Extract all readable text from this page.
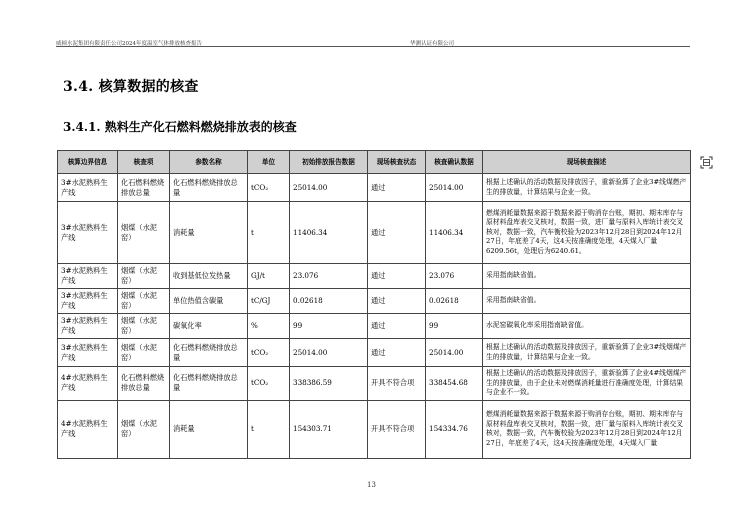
威顿水泥集团有限责任公司2024年度温室气体排放核查报告	华测认证有限公司
3.4. 核算数据的核查
3.4.1. 熟料生产化石燃料燃烧排放表的核查
核算边界信息	核查项	参数名称	单位	初始排放报告数据	现场核查状态	核查确认数据	现场核查描述
3#水泥熟料生产线	化石燃料燃烧排放总量	化石燃料燃烧排放总量	tCO₂	25014.00	通过	25014.00	根据上述确认的活动数据及排放因子，重新验算了企业3#线煤燃产生的排放量，计算结果与企业一致。
3#水泥熟料生产线	烟煤（水泥窑）	消耗量	t	11406.34	通过	11406.34	燃煤消耗量数据来源于数据来源于购消存台账，期初、期末库存与原材料盘库表交叉核对，数据一致，进厂量与原料入库统计表交叉核对，数据一致，汽车衡校验为2023年12月28日到2024年12月27日，年底差了4天，这4天按准确度处理，4天煤入厂量6209.56t，处理后为6240.61。
3#水泥熟料生产线	烟煤（水泥窑）	收到基低位发热量	GJ/t	23.076	通过	23.076	采用指南缺省值。
3#水泥熟料生产线	烟煤（水泥窑）	单位热值含碳量	tC/GJ	0.02618	通过	0.02618	采用指南缺省值。
3#水泥熟料生产线	烟煤（水泥窑）	碳氧化率	%	99	通过	99	水泥窑碳氧化率采用指南缺省值。
3#水泥熟料生产线	烟煤（水泥窑）	化石燃料燃烧排放总量	tCO₂	25014.00	通过	25014.00	根据上述确认的活动数据及排放因子，重新验算了企业3#线烟煤产生的排放量，计算结果与企业一致。
4#水泥熟料生产线	化石燃料燃烧排放总量	化石燃料燃烧排放总量	tCO₂	338386.59	开具不符合项	338454.68	根据上述确认的活动数据及排放因子，重新验算了企业4#线烟煤产生的排放量，由于企业未对燃煤消耗量进行准确度处理，计算结果与企业不一致。
4#水泥熟料生产线	烟煤（水泥窑）	消耗量	t	154303.71	开具不符合项	154334.76	燃煤消耗量数据来源于数据来源于购消存台账，期初、期末库存与原材料盘库表交叉核对，数据一致，进厂量与原料入库统计表交叉核对，数据一致，汽车衡校验为2023年12月28日到2024年12月27日，年底差了4天，这4天按准确度处理，4天煤入厂量
13
